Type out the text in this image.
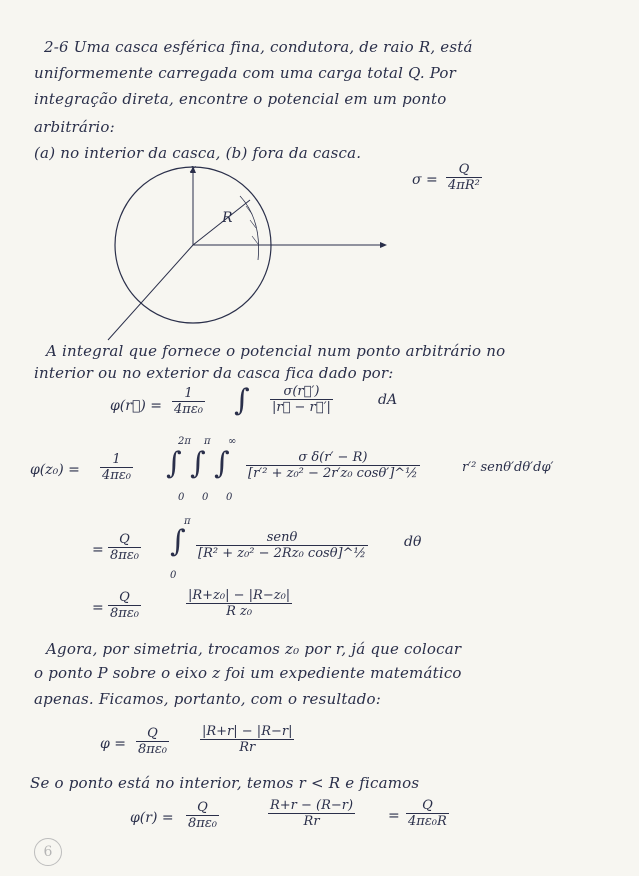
2-6 Uma casca esférica fina, condutora, de raio R, está
uniformemente carregada com uma carga total Q. Por
integração direta, encontre o potencial em um ponto
arbitrário:
(a) no interior da casca, (b) fora da casca.
$\sigma = \frac{Q}{\text{4πR²}}$
z
R
A integral que fornece o potencial num ponto arbitrário no
interior ou no exterior da casca fica dado por:
φ(r⃗) = $\frac{1}{\text{4πε₀}}$ ∫ $\frac{\sigma(r⃗')}{|r⃗ - r⃗'|}$	dA
$\varphi(z_0) = \frac{1}{\text{4πε₀}}$ ∫ ∫ ∫
2π π ∞
0 0 0
$\frac{\text{σ δ(r′ − R)}}{\text{[r′² + z₀² − 2r′z₀ cosθ′]\textasciicircum{}½}}$	r′² senθ′dθ′dφ′
= $\frac{Q}{\text{8πε₀}}$ ∫
π
0
senθ
[R² + z₀² − 2Rz₀ cosθ]^½
dθ
= $\frac{Q}{\text{8πε₀}}$	$\frac{\text{|R+z₀| − |R−z₀|}}{\text{R z₀}}$
Agora, por simetria, trocamos z₀ por r, já que colocar
o ponto P sobre o eixo z foi um expediente matemático
apenas. Ficamos, portanto, com o resultado:
$\varphi = \frac{Q}{\text{8πε₀}} \frac{|R+r| - |R-r|}{Rr}$
Se o ponto está no interior, temos r < R e ficamos
$\varphi(r) = \frac{Q}{\text{8πε₀}}$	$\frac{R+r - (R-r)}{Rr} = \frac{Q}{\text{4πε₀R}}$
6
